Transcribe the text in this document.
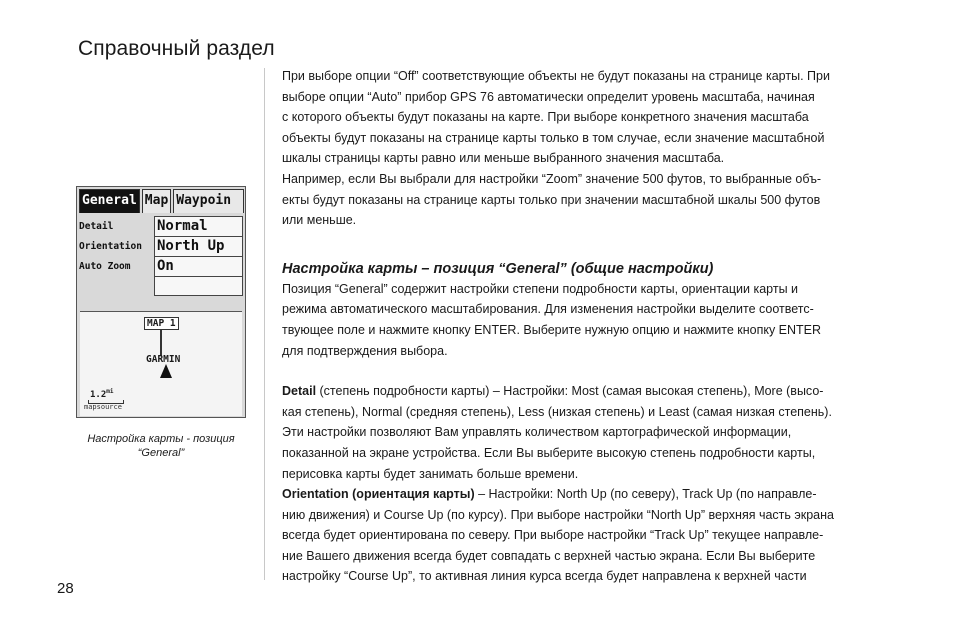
Справочный раздел
General Map Waypoin
Detail	Normal
Orientation	North Up
Auto Zoom	On
MAP 1
GARMIN
$1.2^{mi}$
mapsource
Настройка карты - позиция
“General”

При выборе опции “Off” соответствующие объекты не будут показаны на странице карты. При
выборе опции “Auto” прибор GPS 76 автоматически определит уровень масштаба, начиная
с которого объекты будут показаны на карте. При выборе конкретного значения масштаба
объекты будут показаны на странице карты только в том случае, если значение масштабной
шкалы страницы карты равно или меньше выбранного значения масштаба.
Например, если Вы выбрали для настройки “Zoom” значение 500 футов, то выбранные объ-
екты будут показаны на странице карты только при значении масштабной шкалы 500 футов
или меньше.

Настройка карты – позиция “General” (общие настройки)

Позиция “General” содержит настройки степени подробности карты, ориентации карты и
режима автоматического масштабирования. Для изменения настройки выделите соответс-
твующее поле и нажмите кнопку ENTER. Выберите нужную опцию и нажмите кнопку ENTER
для подтверждения выбора.

Detail (степень подробности карты) – Настройки: Most (самая высокая степень), More (высо-
кая степень), Normal (средняя степень), Less (низкая степень) и Least (самая низкая степень).
Эти настройки позволяют Вам управлять количеством картографической информации,
показанной на экране устройства. Если Вы выберите высокую степень подробности карты,
перисовка карты будет занимать больше времени.

Orientation (ориентация карты) – Настройки: North Up (по северу), Track Up (по направле-
нию движения) и Course Up (по курсу). При выборе настройки “North Up” верхняя часть экрана
всегда будет ориентирована по северу. При выборе настройки “Track Up” текущее направле-
ние Вашего движения всегда будет совпадать с верхней частью экрана. Если Вы выберите
настройку “Course Up”, то активная линия курса всегда будет направлена к верхней части

28
